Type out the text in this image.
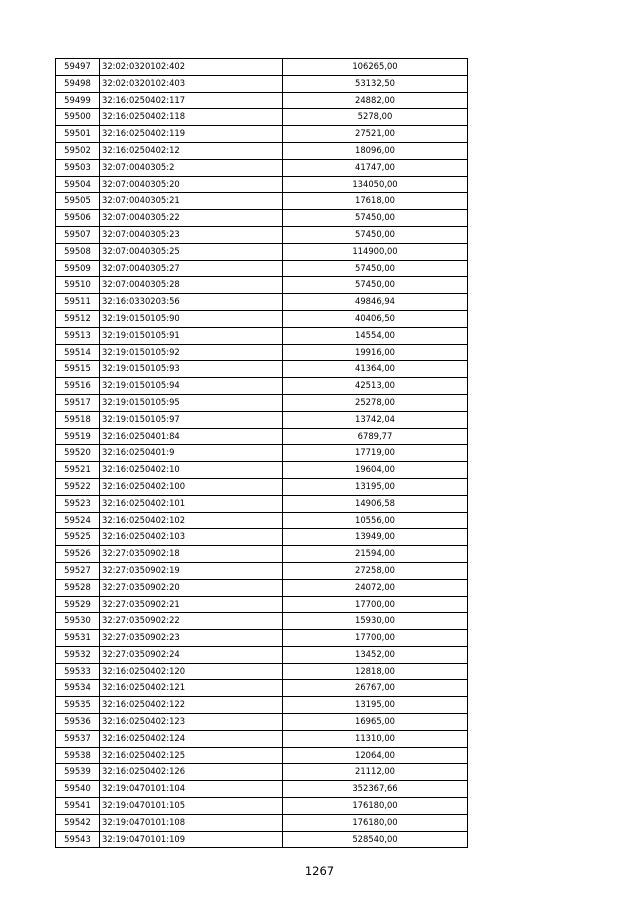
59497	32:02:0320102:402	106265,00
59498	32:02:0320102:403	53132,50
59499	32:16:0250402:117	24882,00
59500	32:16:0250402:118	5278,00
59501	32:16:0250402:119	27521,00
59502	32:16:0250402:12	18096,00
59503	32:07:0040305:2	41747,00
59504	32:07:0040305:20	134050,00
59505	32:07:0040305:21	17618,00
59506	32:07:0040305:22	57450,00
59507	32:07:0040305:23	57450,00
59508	32:07:0040305:25	114900,00
59509	32:07:0040305:27	57450,00
59510	32:07:0040305:28	57450,00
59511	32:16:0330203:56	49846,94
59512	32:19:0150105:90	40406,50
59513	32:19:0150105:91	14554,00
59514	32:19:0150105:92	19916,00
59515	32:19:0150105:93	41364,00
59516	32:19:0150105:94	42513,00
59517	32:19:0150105:95	25278,00
59518	32:19:0150105:97	13742,04
59519	32:16:0250401:84	6789,77
59520	32:16:0250401:9	17719,00
59521	32:16:0250402:10	19604,00
59522	32:16:0250402:100	13195,00
59523	32:16:0250402:101	14906,58
59524	32:16:0250402:102	10556,00
59525	32:16:0250402:103	13949,00
59526	32:27:0350902:18	21594,00
59527	32:27:0350902:19	27258,00
59528	32:27:0350902:20	24072,00
59529	32:27:0350902:21	17700,00
59530	32:27:0350902:22	15930,00
59531	32:27:0350902:23	17700,00
59532	32:27:0350902:24	13452,00
59533	32:16:0250402:120	12818,00
59534	32:16:0250402:121	26767,00
59535	32:16:0250402:122	13195,00
59536	32:16:0250402:123	16965,00
59537	32:16:0250402:124	11310,00
59538	32:16:0250402:125	12064,00
59539	32:16:0250402:126	21112,00
59540	32:19:0470101:104	352367,66
59541	32:19:0470101:105	176180,00
59542	32:19:0470101:108	176180,00
59543	32:19:0470101:109	528540,00
1267
